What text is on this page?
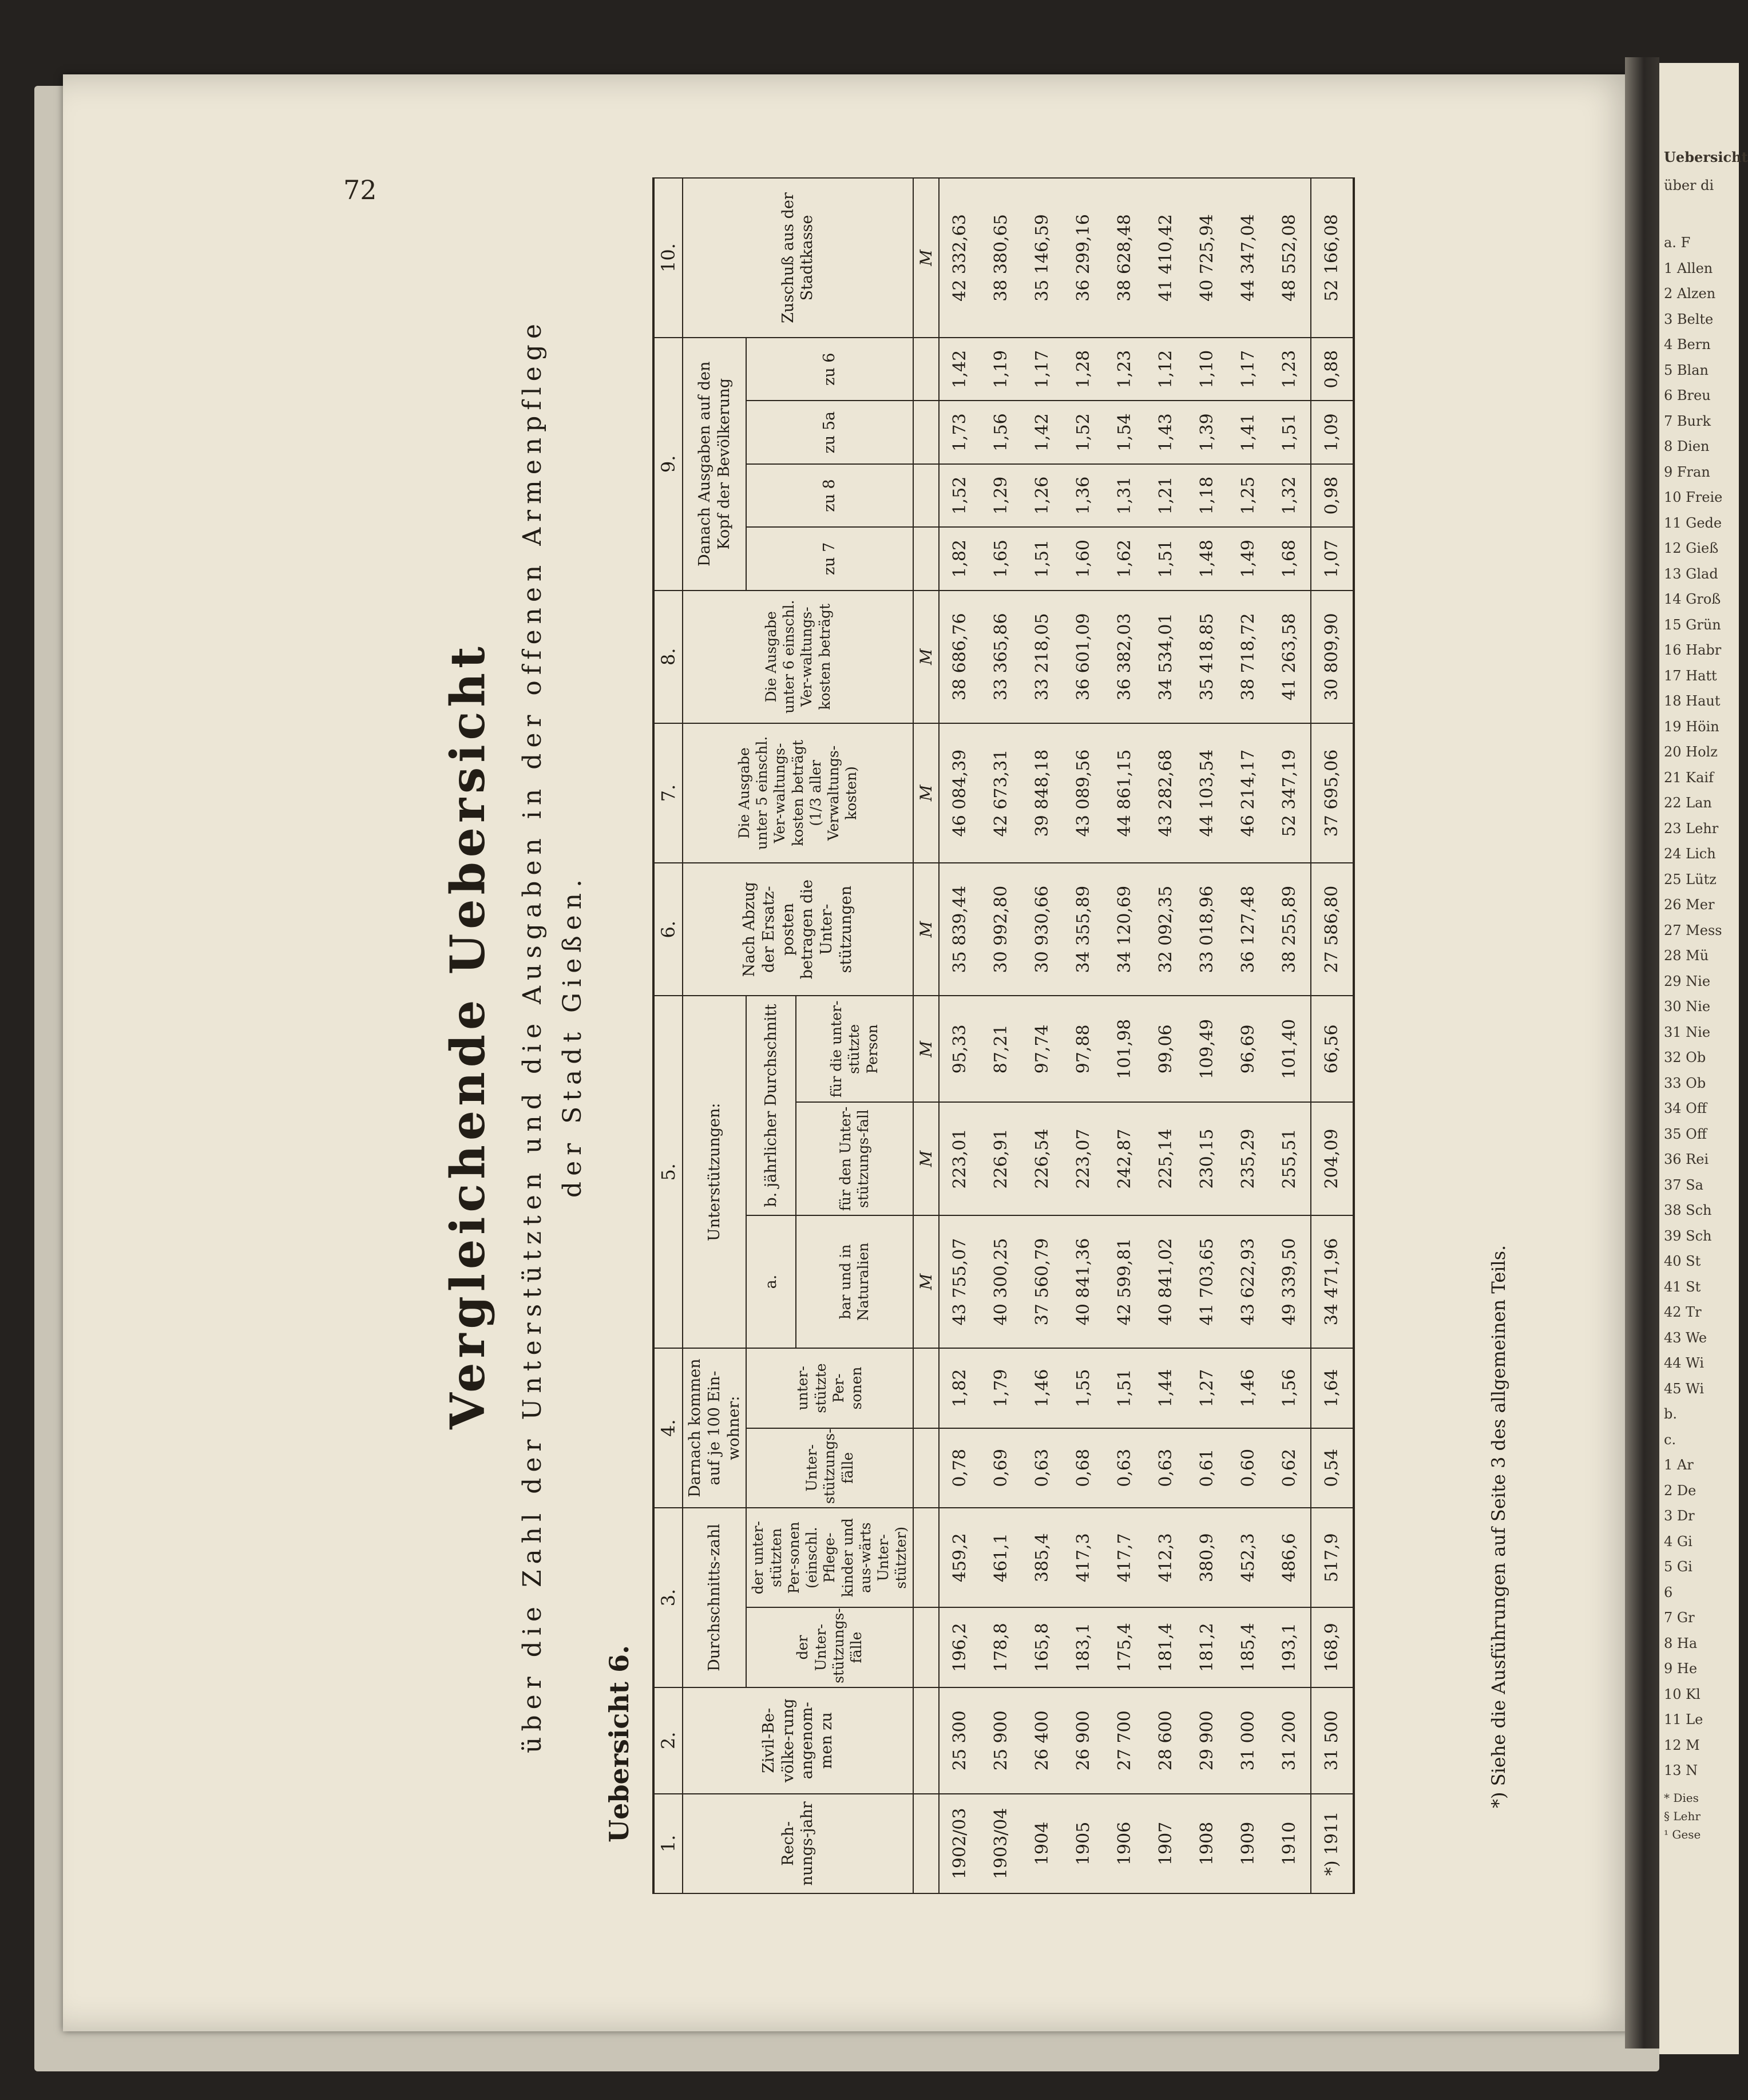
Uebersicht
über di
a. F
1 Allen
2 Alzen
3 Belte
4 Bern
5 Blan
6 Breu
7 Burk
8 Dien
9 Fran
10 Freie
11 Gede
12 Gieß
13 Glad
14 Groß
15 Grün
16 Habr
17 Hatt
18 Haut
19 Höin
20 Holz
21 Kaif
22 Lan
23 Lehr
24 Lich
25 Lütz
26 Mer
27 Mess
28 Mü
29 Nie
30 Nie
31 Nie
32 Ob
33 Ob
34 Off
35 Off
36 Rei
37 Sa
38 Sch
39 Sch
40 St
41 St
42 Tr
43 We
44 Wi
45 Wi
b.
c.
1 Ar
2 De
3 Dr
4 Gi
5 Gi
6
7 Gr
8 Ha
9 He
10 Kl
11 Le
12 M
13 N
* Dies
§ Lehr
¹ Gese
72
Vergleichende Uebersicht über die Zahl der Unterstützten und die Ausgaben in der offenen Armenpflege der Stadt Gießen.
Uebersicht 6.
1.	2.	3.		4.		5.			6.	7.	8.	9.				10.
Rech-nungs-jahr	Zivil-Be-völke-rung angenom-men zu	Durchschnitts-zahl		Darnach kommen auf je 100 Ein-wohner:		Unterstützungen:			Nach Abzug der Ersatz-posten betragen die Unter-stützungen	Die Ausgabe unter 5 einschl. Ver-waltungs-kosten beträgt (1/3 aller Verwaltungs-kosten)	Die Ausgabe unter 6 einschl. Ver-waltungs-kosten beträgt	Danach Ausgaben auf den Kopf der Bevölkerung				Zuschuß aus der Stadtkasse
		der Unter-stützungs-fälle	der unter-stützten Per-sonen (einschl. Pflege-kinder und aus-wärts Unter-stützter)	Unter-stützungs-fälle	unter-stützte Per-sonen	a.	b. jährlicher Durchschnitt					zu 7	zu 8	zu 5a	zu 6	
						bar und in Naturalien	für den Unter-stützungs-fall	für die unter-stützte Person								
						M	M	M	M	M	M					M
1902/03	25 300	196,2	459,2	0,78	1,82	43 755,07	223,01	95,33	35 839,44	46 084,39	38 686,76	1,82	1,52	1,73	1,42	42 332,63
1903/04	25 900	178,8	461,1	0,69	1,79	40 300,25	226,91	87,21	30 992,80	42 673,31	33 365,86	1,65	1,29	1,56	1,19	38 380,65
1904	26 400	165,8	385,4	0,63	1,46	37 560,79	226,54	97,74	30 930,66	39 848,18	33 218,05	1,51	1,26	1,42	1,17	35 146,59
1905	26 900	183,1	417,3	0,68	1,55	40 841,36	223,07	97,88	34 355,89	43 089,56	36 601,09	1,60	1,36	1,52	1,28	36 299,16
1906	27 700	175,4	417,7	0,63	1,51	42 599,81	242,87	101,98	34 120,69	44 861,15	36 382,03	1,62	1,31	1,54	1,23	38 628,48
1907	28 600	181,4	412,3	0,63	1,44	40 841,02	225,14	99,06	32 092,35	43 282,68	34 534,01	1,51	1,21	1,43	1,12	41 410,42
1908	29 900	181,2	380,9	0,61	1,27	41 703,65	230,15	109,49	33 018,96	44 103,54	35 418,85	1,48	1,18	1,39	1,10	40 725,94
1909	31 000	185,4	452,3	0,60	1,46	43 622,93	235,29	96,69	36 127,48	46 214,17	38 718,72	1,49	1,25	1,41	1,17	44 347,04
1910	31 200	193,1	486,6	0,62	1,56	49 339,50	255,51	101,40	38 255,89	52 347,19	41 263,58	1,68	1,32	1,51	1,23	48 552,08
*) 1911	31 500	168,9	517,9	0,54	1,64	34 471,96	204,09	66,56	27 586,80	37 695,06	30 809,90	1,07	0,98	1,09	0,88	52 166,08
*) Siehe die Ausführungen auf Seite 3 des allgemeinen Teils.
